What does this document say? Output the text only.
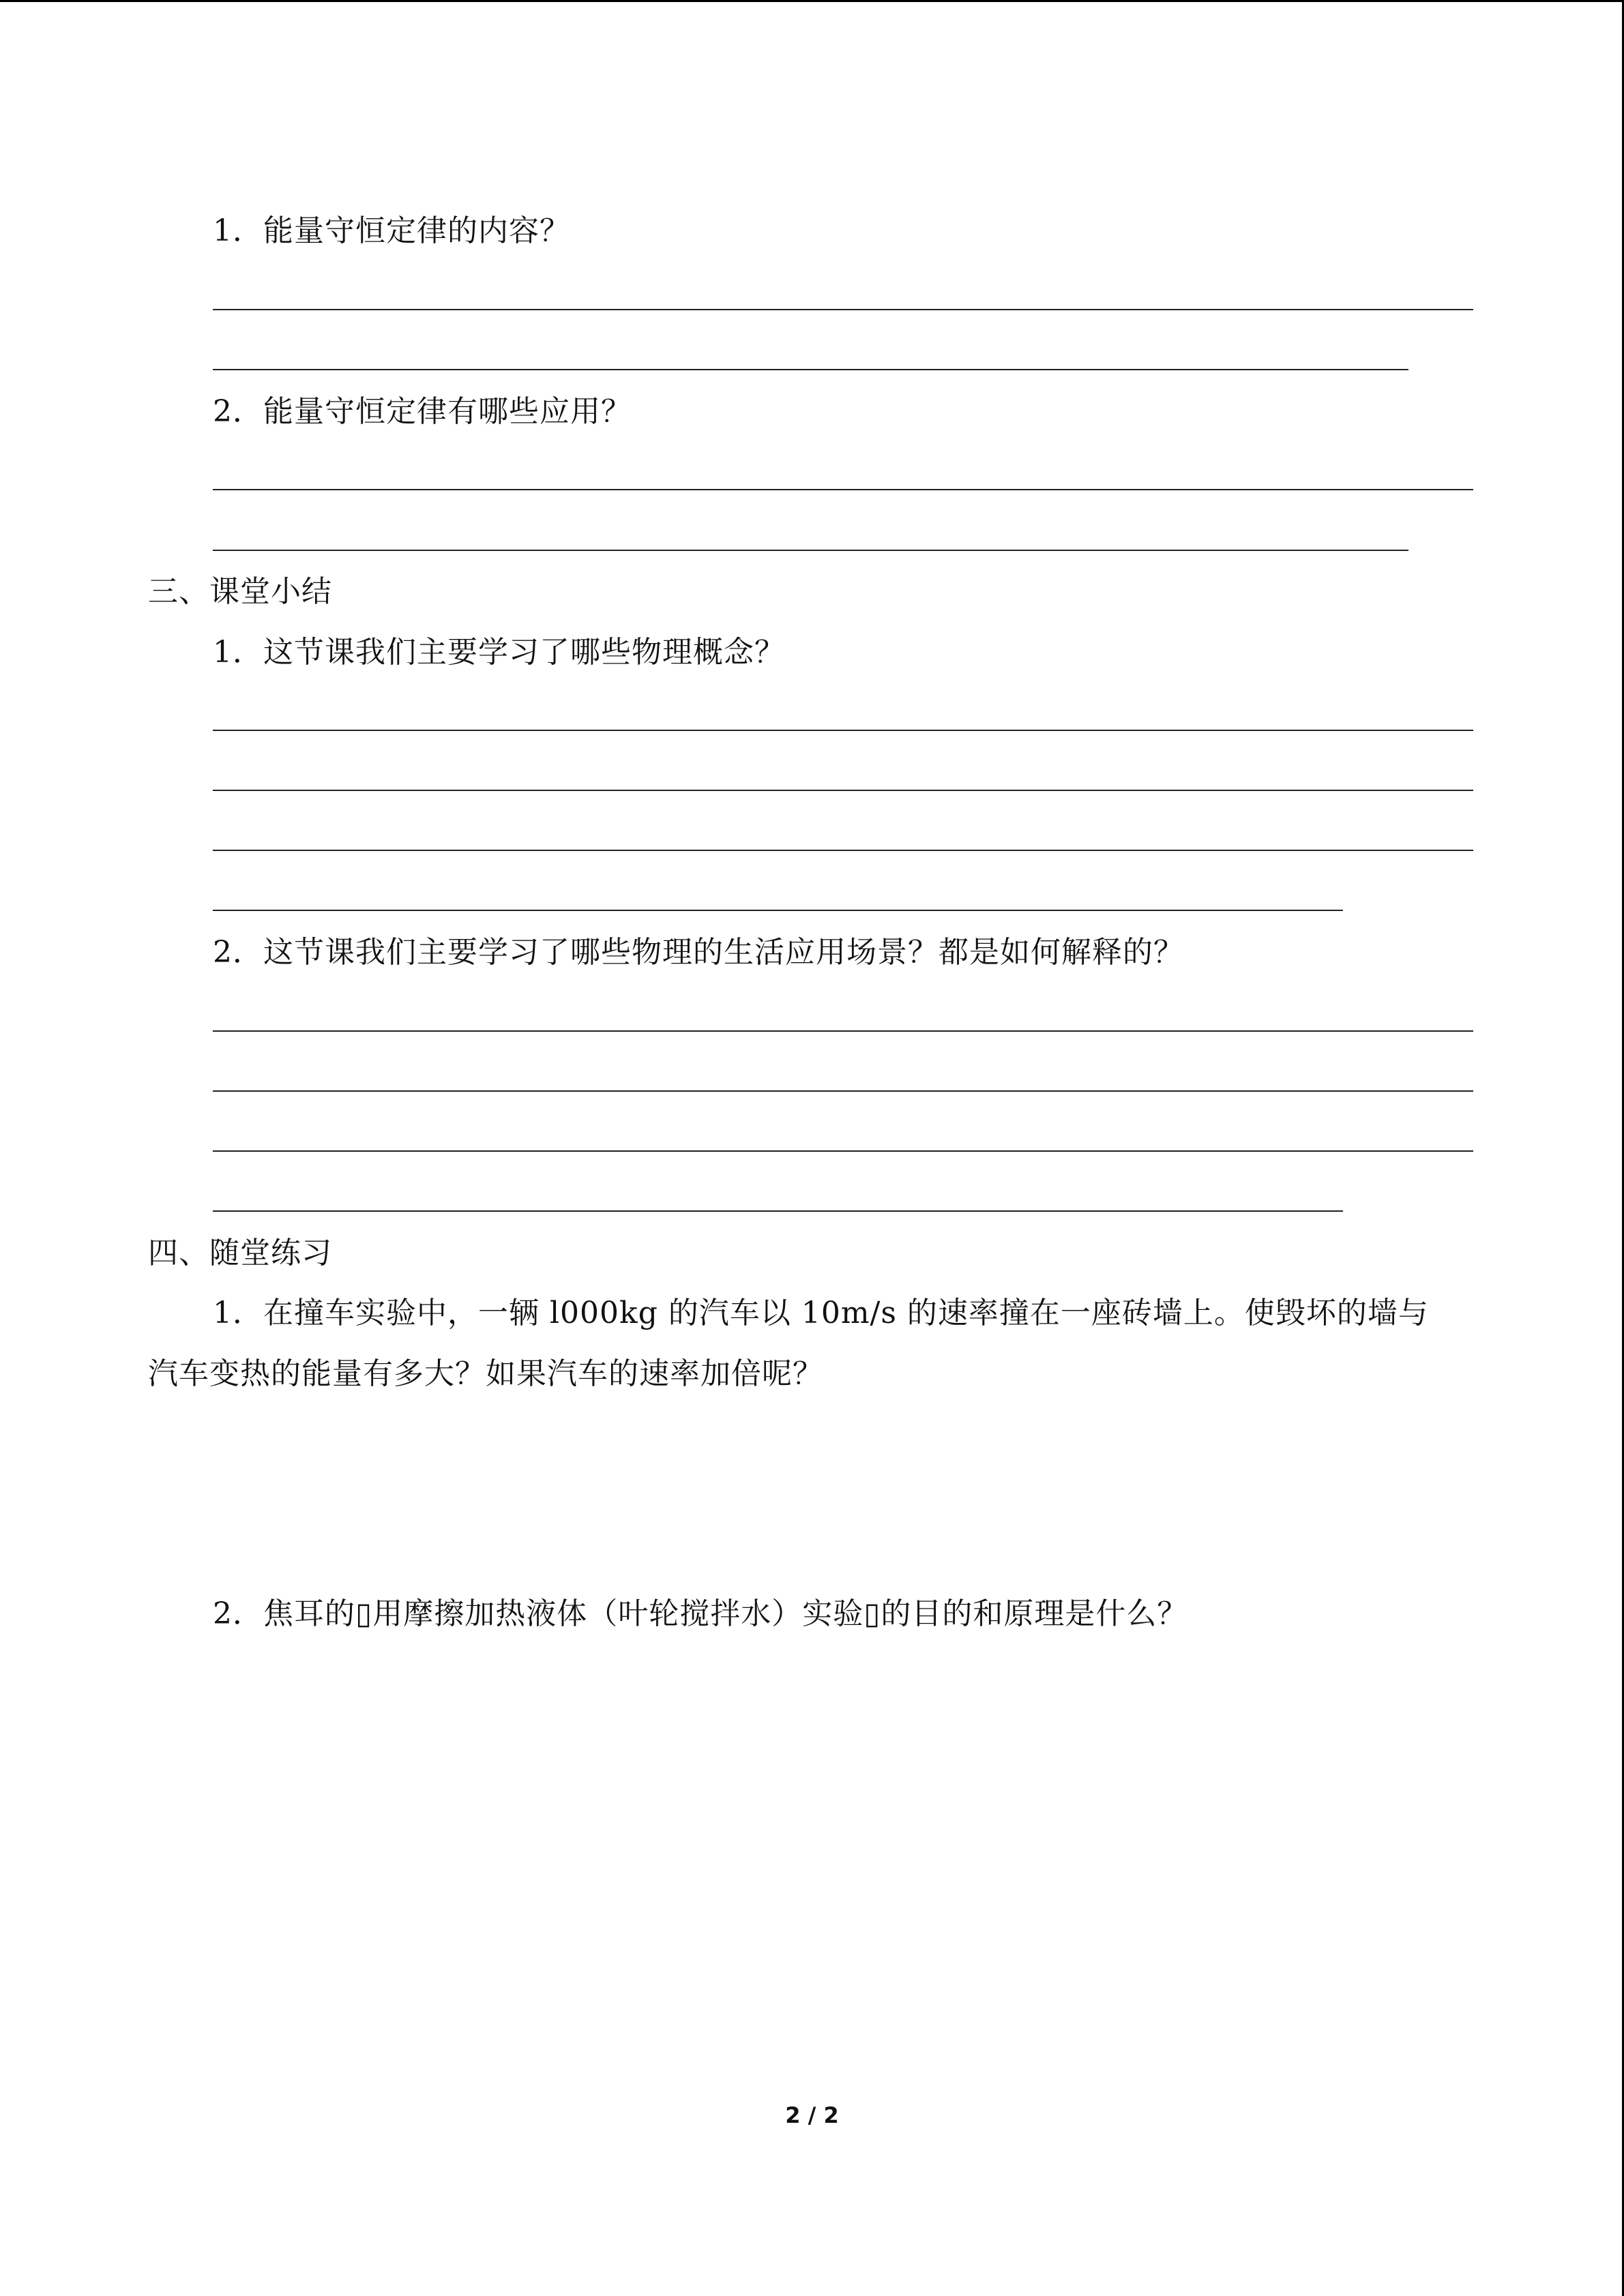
1．能量守恒定律的内容？
2．能量守恒定律有哪些应用？
三、课堂小结
1．这节课我们主要学习了哪些物理概念？
2．这节课我们主要学习了哪些物理的生活应用场景？都是如何解释的？
四、随堂练习
1．在撞车实验中，一辆 l000kg 的汽车以 10m/s 的速率撞在一座砖墙上。使毁坏的墙与
汽车变热的能量有多大？如果汽车的速率加倍呢？
2．焦耳的▯用摩擦加热液体（叶轮搅拌水）实验▯的目的和原理是什么？
2 / 2
